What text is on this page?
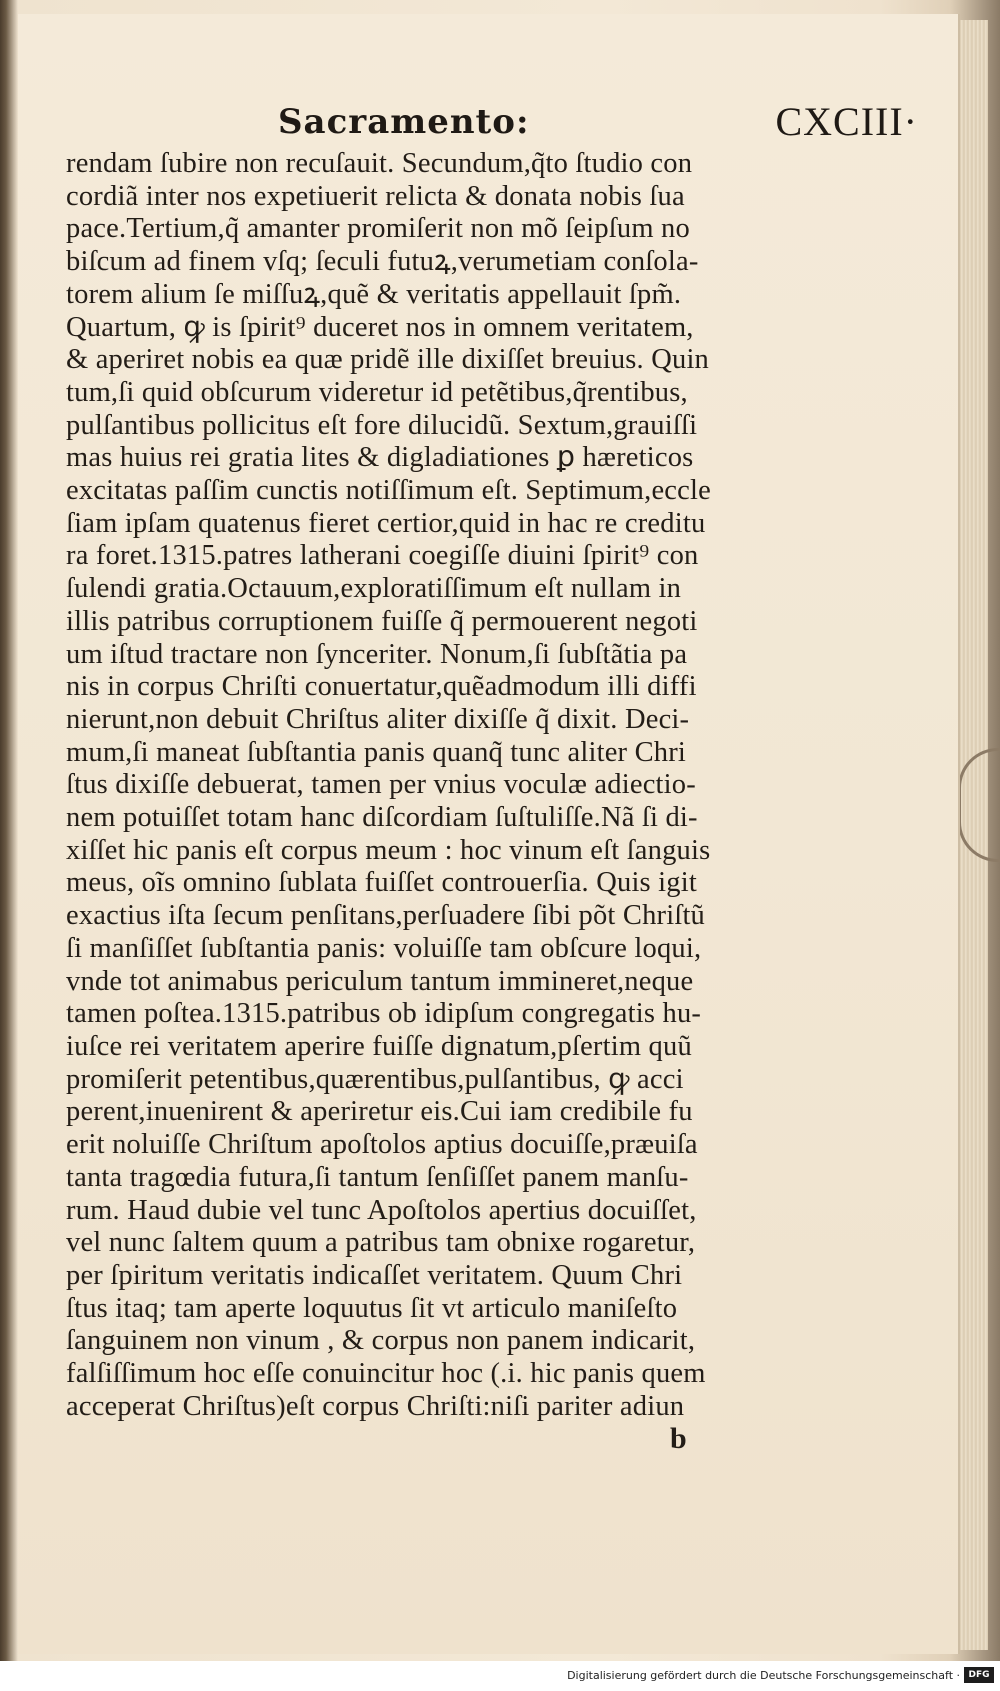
Sacramento:	CXCIII·
rendam ſubire non recuſauit. Secundum,q̃to ſtudio con
cordiã inter nos expetiuerit relicta & donata nobis ſua
pace.Tertium,q̃ amanter promiſerit non mõ ſeipſum no
biſcum ad finem vſq; ſeculi futuꝝ,verumetiam conſola-
torem alium ſe miſſuꝝ,quẽ & veritatis appellauit ſpm̃.
Quartum, ꝙ is ſpirit⁹ duceret nos in omnem veritatem,
& aperiret nobis ea quæ pridẽ ille dixiſſet breuius. Quin
tum,ſi quid obſcurum videretur id petẽtibus,q̃rentibus,
pulſantibus pollicitus eſt fore dilucidũ. Sextum,grauiſſi
mas huius rei gratia lites & digladiationes ꝑ hæreticos
excitatas paſſim cunctis notiſſimum eſt. Septimum,eccle
ſiam ipſam quatenus fieret certior,quid in hac re creditu
ra foret.1315.patres latherani coegiſſe diuini ſpirit⁹ con
ſulendi gratia.Octauum,exploratiſſimum eſt nullam in
illis patribus corruptionem fuiſſe q̃ permouerent negoti
um iſtud tractare non ſynceriter. Nonum,ſi ſubſtãtia pa
nis in corpus Chriſti conuertatur,quẽadmodum illi diffi
nierunt,non debuit Chriſtus aliter dixiſſe q̃ dixit. Deci-
mum,ſi maneat ſubſtantia panis quanq̃ tunc aliter Chri
ſtus dixiſſe debuerat, tamen per vnius voculæ adiectio-
nem potuiſſet totam hanc diſcordiam ſuſtuliſſe.Nã ſi di-
xiſſet hic panis eſt corpus meum : hoc vinum eſt ſanguis
meus, oĩs omnino ſublata fuiſſet controuerſia. Quis igit
exactius iſta ſecum penſitans,perſuadere ſibi põt Chriſtũ
ſi manſiſſet ſubſtantia panis: voluiſſe tam obſcure loqui,
vnde tot animabus periculum tantum immineret,neque
tamen poſtea.1315.patribus ob idipſum congregatis hu-
iuſce rei veritatem aperire fuiſſe dignatum,pſertim quũ
promiſerit petentibus,quærentibus,pulſantibus, ꝙ acci
perent,inuenirent & aperiretur eis.Cui iam credibile fu
erit noluiſſe Chriſtum apoſtolos aptius docuiſſe,præuiſa
tanta tragœdia futura,ſi tantum ſenſiſſet panem manſu-
rum. Haud dubie vel tunc Apoſtolos apertius docuiſſet,
vel nunc ſaltem quum a patribus tam obnixe rogaretur,
per ſpiritum veritatis indicaſſet veritatem. Quum Chri
ſtus itaq; tam aperte loquutus ſit vt articulo maniſeſto
ſanguinem non vinum , & corpus non panem indicarit,
falſiſſimum hoc eſſe conuincitur hoc (.i. hic panis quem
acceperat Chriſtus)eſt corpus Chriſti:niſi pariter adiun
b
Digitalisierung gefördert durch die Deutsche Forschungsgemeinschaft · DFG
